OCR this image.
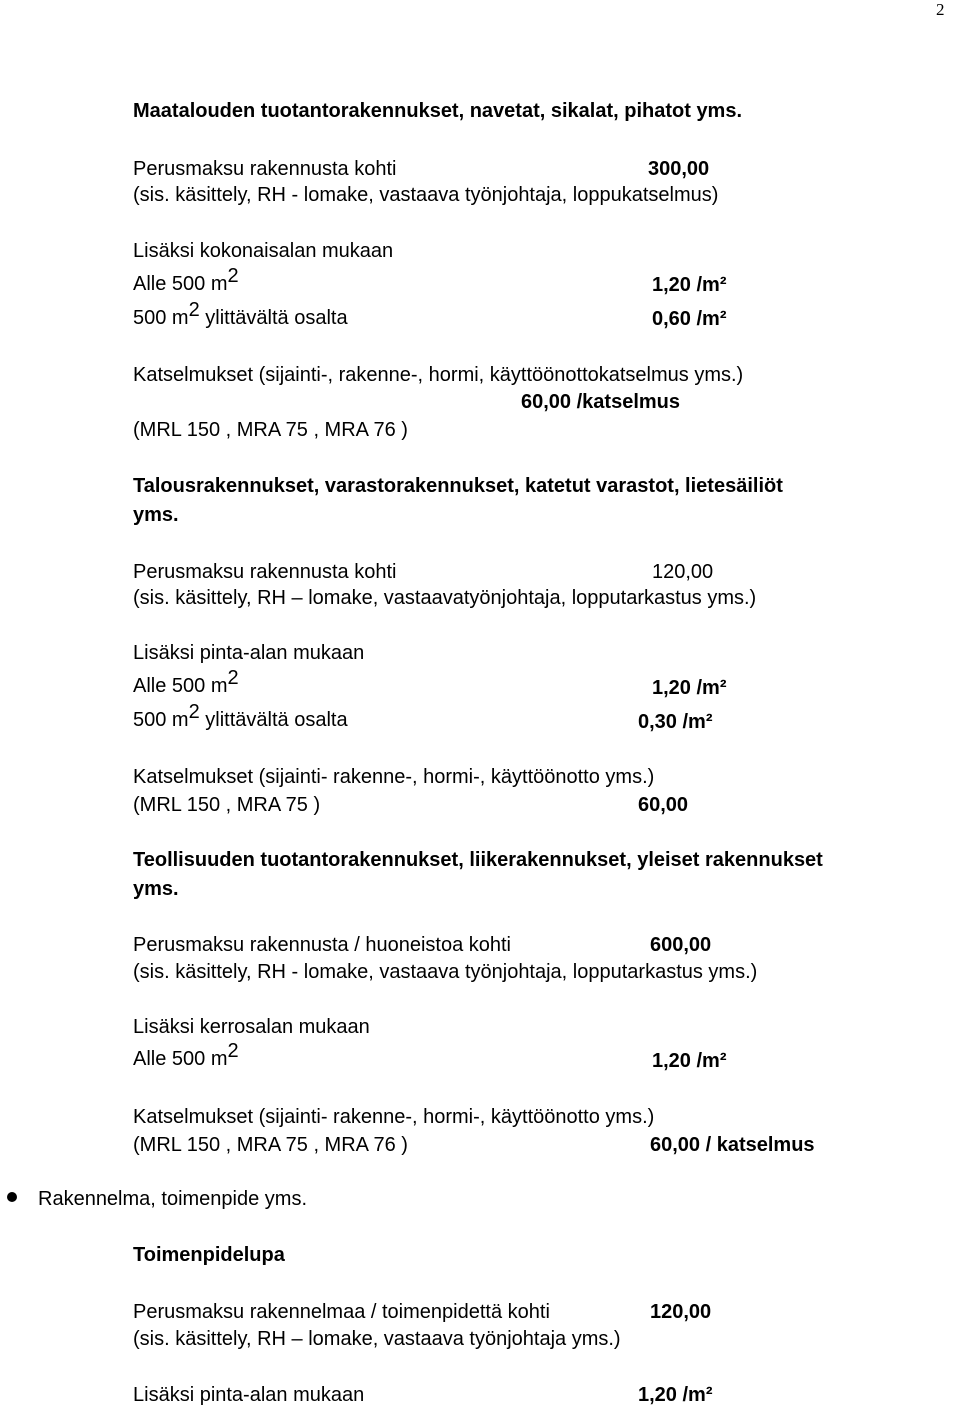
2
Maatalouden tuotantorakennukset, navetat, sikalat, pihatot yms.
Perusmaksu rakennusta kohti	300,00
(sis. käsittely, RH - lomake, vastaava työnjohtaja, loppukatselmus)
Lisäksi kokonaisalan mukaan
Alle 500 $m^2$	1,20 /m²
500 $m^2$ ylittävältä osalta	0,60 /m²
Katselmukset (sijainti-, rakenne-, hormi, käyttöönottokatselmus yms.)
60,00 /katselmus
(MRL 150 , MRA 75 , MRA 76 )
Talousrakennukset, varastorakennukset, katetut varastot, lietesäiliöt
yms.
Perusmaksu rakennusta kohti	120,00
(sis. käsittely, RH – lomake, vastaavatyönjohtaja, lopputarkastus yms.)
Lisäksi pinta-alan mukaan
Alle 500 $m^2$	1,20 /m²
500 $m^2$ ylittävältä osalta	0,30 /m²
Katselmukset (sijainti- rakenne-, hormi-, käyttöönotto yms.)
(MRL 150 , MRA 75 )	60,00
Teollisuuden tuotantorakennukset, liikerakennukset, yleiset rakennukset
yms.
Perusmaksu rakennusta / huoneistoa kohti	600,00
(sis. käsittely, RH - lomake, vastaava työnjohtaja, lopputarkastus yms.)
Lisäksi kerrosalan mukaan
Alle 500 $m^2$	1,20 /m²
Katselmukset (sijainti- rakenne-, hormi-, käyttöönotto yms.)
(MRL 150 , MRA 75 , MRA 76 )	60,00 / katselmus
Rakennelma, toimenpide yms.
Toimenpidelupa
Perusmaksu rakennelmaa / toimenpidettä kohti	120,00
(sis. käsittely, RH – lomake, vastaava työnjohtaja yms.)
Lisäksi pinta-alan mukaan	1,20 /m²
